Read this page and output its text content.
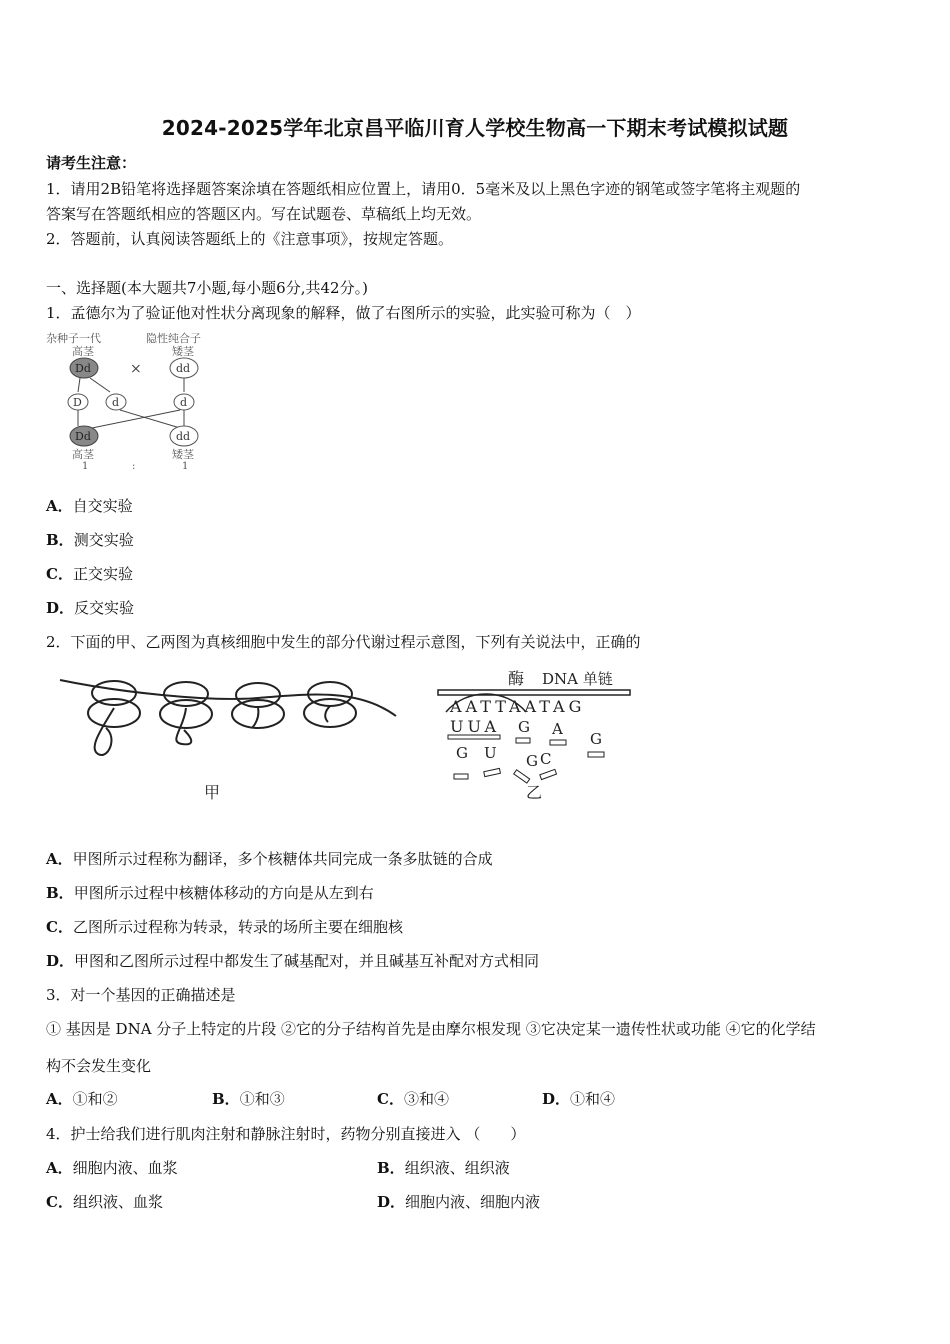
2024-2025学年北京昌平临川育人学校生物高一下期末考试模拟试题
请考生注意：
1．请用2B铅笔将选择题答案涂填在答题纸相应位置上，请用0．5毫米及以上黑色字迹的钢笔或签字笔将主观题的
答案写在答题纸相应的答题区内。写在试题卷、草稿纸上均无效。
2．答题前，认真阅读答题纸上的《注意事项》，按规定答题。
一、选择题(本大题共7小题,每小题6分,共42分。)
1．孟德尔为了验证他对性状分离现象的解释，做了右图所示的实验，此实验可称为（　）
杂种子一代	隐性纯合子
高茎	矮茎
Dd	×	dd
D	d	d
Dd	dd
高茎	矮茎
1	:	1
A．自交实验
B．测交实验
C．正交实验
D．反交实验
2．下面的甲、乙两图为真核细胞中发生的部分代谢过程示意图，下列有关说法中，正确的
甲
酶 DNA 单链
AATTAATAG
UUA G A
G
G U G C
乙
A．甲图所示过程称为翻译，多个核糖体共同完成一条多肽链的合成
B．甲图所示过程中核糖体移动的方向是从左到右
C．乙图所示过程称为转录，转录的场所主要在细胞核
D．甲图和乙图所示过程中都发生了碱基配对，并且碱基互补配对方式相同
3．对一个基因的正确描述是
① 基因是 DNA 分子上特定的片段 ②它的分子结构首先是由摩尔根发现 ③它决定某一遗传性状或功能 ④它的化学结
构不会发生变化
A．①和②	B．①和③	C．③和④	D．①和④
4．护士给我们进行肌肉注射和静脉注射时，药物分别直接进入 （　　）
A．细胞内液、血浆	B．组织液、组织液
C．组织液、血浆	D．细胞内液、细胞内液
